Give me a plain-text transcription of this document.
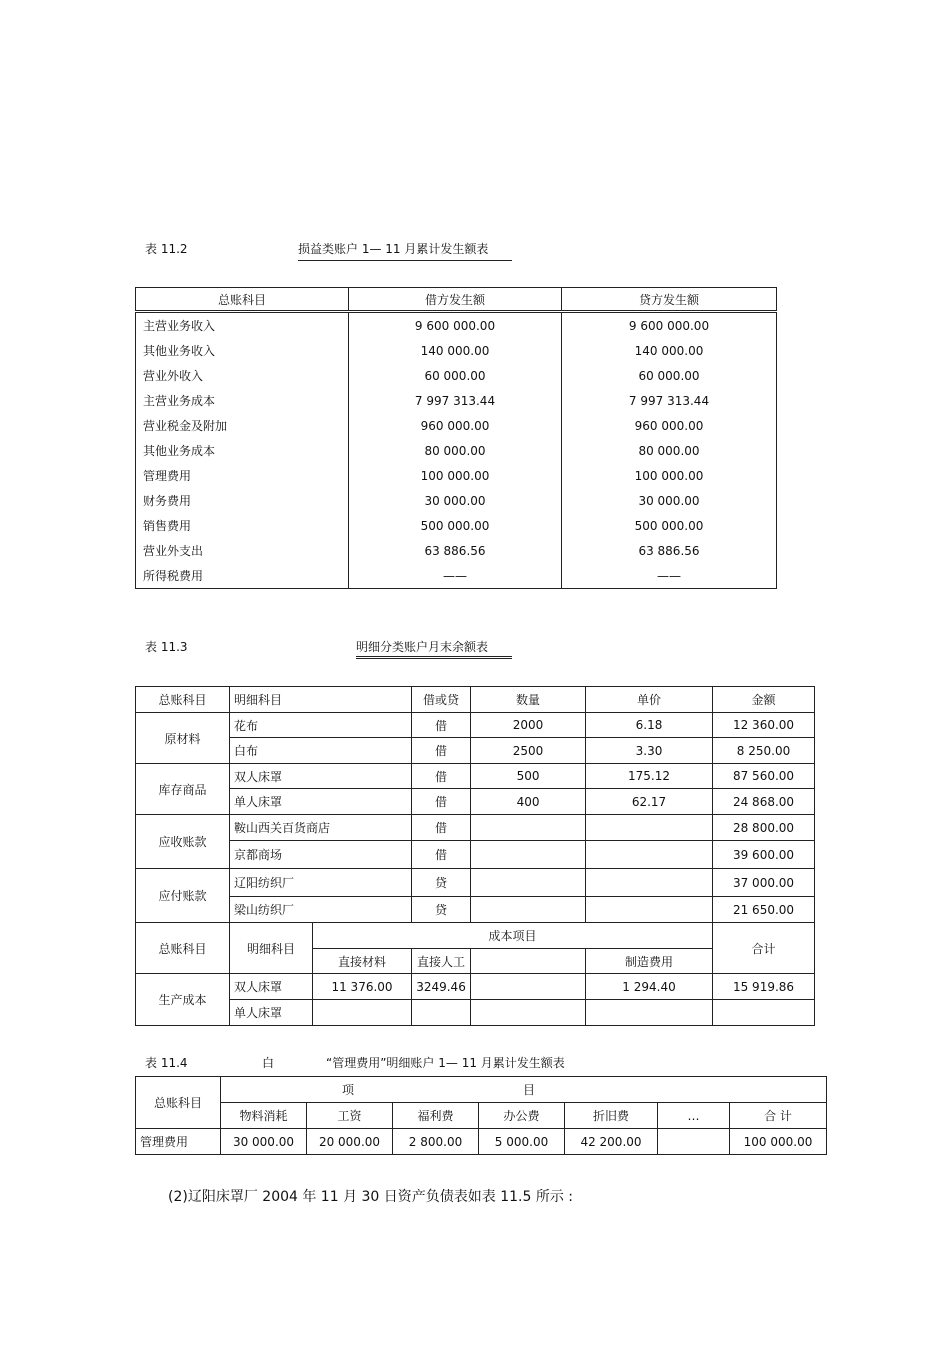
表 11.2	损益类账户 1— 11 月累计发生额表
总账科目	借方发生额	贷方发生额
主营业务收入	9 600 000.00	9 600 000.00
其他业务收入	140 000.00	140 000.00
营业外收入	60 000.00	60 000.00
主营业务成本	7 997 313.44	7 997 313.44
营业税金及附加	960 000.00	960 000.00
其他业务成本	80 000.00	80 000.00
管理费用	100 000.00	100 000.00
财务费用	30 000.00	30 000.00
销售费用	500 000.00	500 000.00
营业外支出	63 886.56	63 886.56
所得税费用	——	——
表 11.3	明细分类账户月末余额表
总账科目	明细科目		借或贷	数量	单价	金额
原材料	花布		借	2000	6.18	12 360.00
	白布		借	2500	3.30	8 250.00
库存商品	双人床罩		借	500	175.12	87 560.00
	单人床罩		借	400	62.17	24 868.00
应收账款	鞍山西关百货商店		借			28 800.00
	京都商场		借			39 600.00
应付账款	辽阳纺织厂		贷			37 000.00
	梁山纺织厂		贷			21 650.00
总账科目	明细科目	成本项目				合计
		直接材料	直接人工		制造费用	
生产成本	双人床罩	11 376.00	3249.46		1 294.40	15 919.86
	单人床罩					
表 11.4	白	“管理费用”明细账户 1— 11 月累计发生额表
总账科目	项 目						

	物料消耗	工资	福利费	办公费	折旧费	…	合 计
管理费用	30 000.00	20 000.00	2 800.00	5 000.00	42 200.00		100 000.00
(2)辽阳床罩厂 2004 年 11 月 30 日资产负债表如表 11.5 所示 :
